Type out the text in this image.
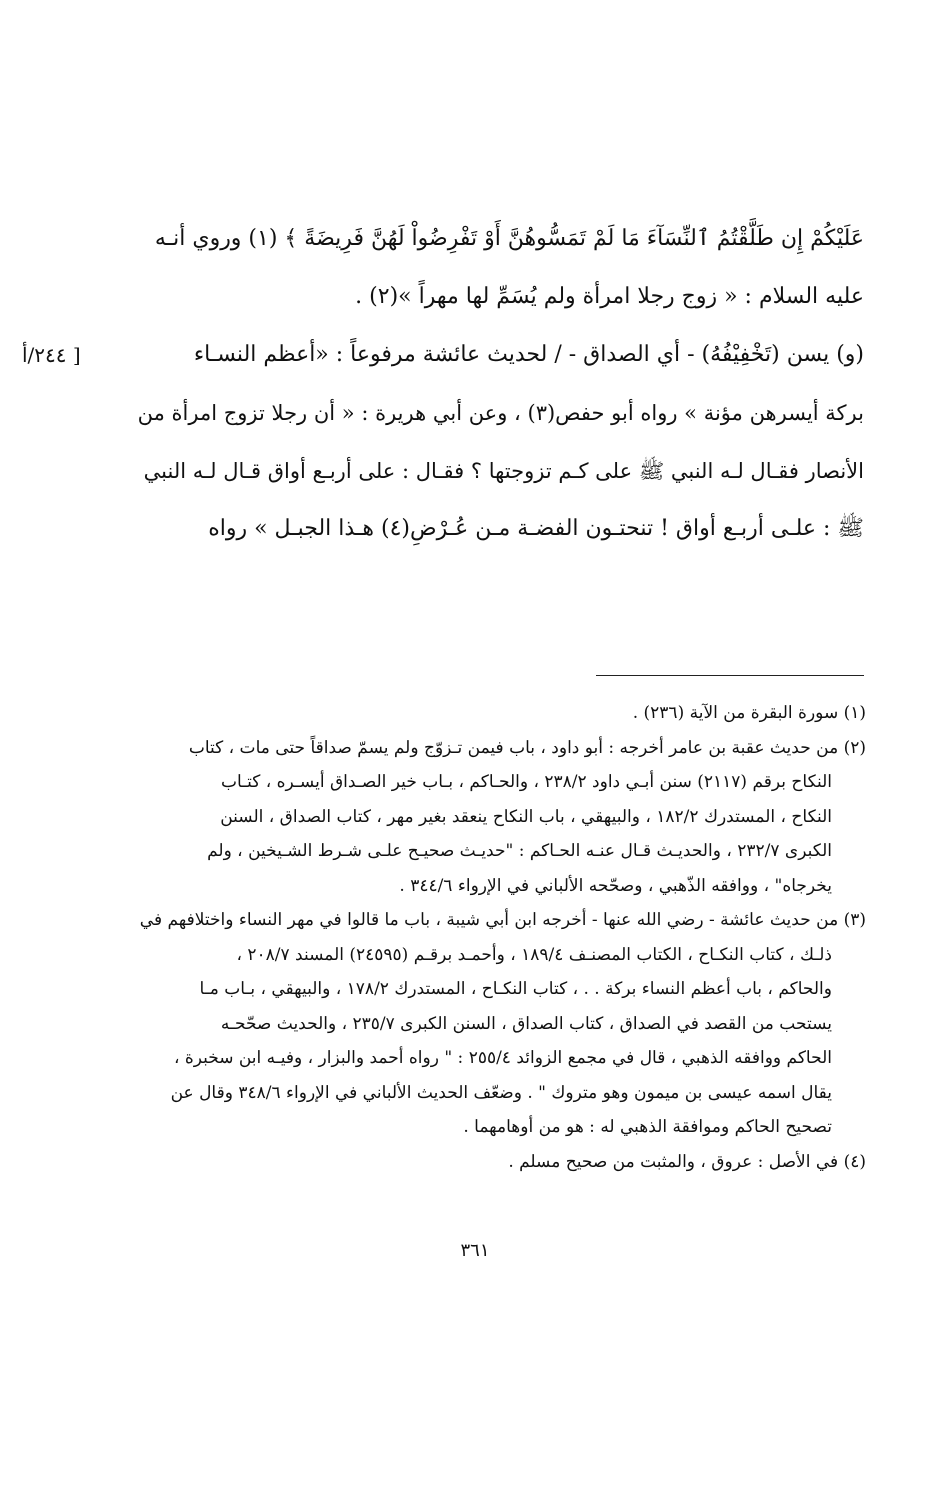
[ ٢٤٤/أ
عَلَيْكُمْ إِن طَلَّقْتُمُ ٱلنِّسَآءَ مَا لَمْ تَمَسُّوهُنَّ أَوْ تَفْرِضُواْ لَهُنَّ فَرِيضَةً ﴾ (١) وروي أنـه
عليه السلام : « زوج رجلا امرأة ولم يُسَمِّ لها مهراً »(٢) .
(و) يسن (تَخْفِيْفُهُ) - أي الصداق - / لحديث عائشة مرفوعاً : «أعظم النسـاء
بركة أيسرهن مؤنة » رواه أبو حفص(٣) ، وعن أبي هريرة : « أن رجلا تزوج امرأة من
الأنصار فقـال لـه النبي ﷺ على كـم تزوجتها ؟ فقـال : على أربـع أواق قـال لـه النبي
ﷺ : علـى أربـع أواق ! تنحتـون الفضـة مـن عُـرْضِ(٤) هـذا الجبـل » رواه
(١) سورة البقرة من الآية (٢٣٦) .
(٢) من حديث عقبة بن عامر أخرجه : أبو داود ، باب فيمن تـزوّج ولم يسمّ صداقاً حتى مات ، كتاب
النكاح برقم (٢١١٧) سنن أبـي داود ٢٣٨/٢ ، والحـاكم ، بـاب خير الصـداق أيسـره ، كتـاب
النكاح ، المستدرك ١٨٢/٢ ، والبيهقي ، باب النكاح ينعقد بغير مهر ، كتاب الصداق ، السنن
الكبرى ٢٣٢/٧ ، والحديـث قـال عنـه الحـاكم : "حديـث صحيـح علـى شـرط الشـيخين ، ولم
يخرجاه" ، ووافقه الذّهبي ، وصحّحه الألباني في الإرواء ٣٤٤/٦ .
(٣) من حديث عائشة - رضي الله عنها - أخرجه ابن أبي شيبة ، باب ما قالوا في مهر النساء واختلافهم في
ذلـك ، كتاب النكـاح ، الكتاب المصنـف ١٨٩/٤ ، وأحمـد برقـم (٢٤٥٩٥) المسند ٢٠٨/٧ ،
والحاكم ، باب أعظم النساء بركة . . ، كتاب النكـاح ، المستدرك ١٧٨/٢ ، والبيهقي ، بـاب مـا
يستحب من القصد في الصداق ، كتاب الصداق ، السنن الكبرى ٢٣٥/٧ ، والحديث صحّحـه
الحاكم ووافقه الذهبي ، قال في مجمع الزوائد ٢٥٥/٤ : " رواه أحمد والبزار ، وفيـه ابن سخبرة ،
يقال اسمه عيسى بن ميمون وهو متروك " . وضعّف الحديث الألباني في الإرواء ٣٤٨/٦ وقال عن
تصحيح الحاكم وموافقة الذهبي له : هو من أوهامهما .
(٤) في الأصل : عروق ، والمثبت من صحيح مسلم .
٣٦١
